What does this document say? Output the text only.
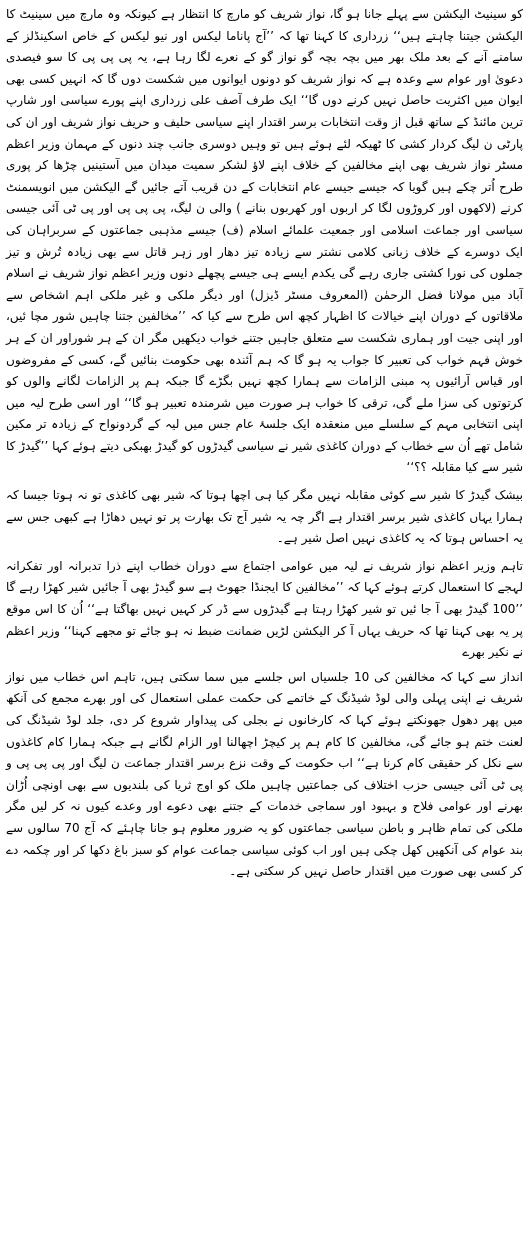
کو سینیٹ الیکشن سے پہلے جانا ہو گا، نواز شریف کو مارچ کا انتظار ہے کیونکہ وہ مارچ میں سینیٹ کا الیکشن جیتنا چاہتے ہیں‘‘ زرداری کا کہنا تھا کہ ’’آج پاناما لیکس اور نیو لیکس کے خاص اسکینڈلز کے سامنے آنے کے بعد ملک بھر میں بچہ بچہ گو نواز گو کے نعرے لگا رہا ہے، یہ پی پی پی کا سو فیصدی دعویٰ اور عوام سے وعدہ ہے کہ نواز شریف کو دونوں ایوانوں میں شکست دوں گا کہ انہیں کسی بھی ایوان میں اکثریت حاصل نہیں کرنے دوں گا‘‘ ایک طرف آصف علی زرداری اپنے پورے سیاسی اور شارپ ترین مائنڈ کے ساتھ قبل از وقت انتخابات برسر اقتدار اپنے سیاسی حلیف و حریف نواز شریف اور ان کی پارٹی ن لیگ کردار کشی کا ٹھیکہ لئے ہوئے ہیں تو وہیں دوسری جانب چند دنوں کے مہمان وزیر اعظم مسٹر نواز شریف بھی اپنے مخالفین کے خلاف اپنے لاؤ لشکر سمیت میدان میں آستینیں چڑھا کر پوری طرح اُتر چکے ہیں گویا کہ جیسے جیسے عام انتخابات کے دن قریب آتے جائیں گے الیکشن میں انویسمنٹ کرنے (لاکھوں اور کروڑوں لگا کر اربوں اور کھربوں بنانے ) والی ن لیگ، پی پی پی اور پی ٹی آئی جیسی سیاسی اور جماعت اسلامی اور جمعیت علمائے اسلام (ف) جیسے مذہبی جماعتوں کے سربراہان کی ایک دوسرے کے خلاف زبانی کلامی نشتر سے زیادہ تیز دھار اور زہر قاتل سے بھی زیادہ تُرش و تیز جملوں کی نورا کشتی جاری رہے گی یکدم ایسے ہی جیسے پچھلے دنوں وزیر اعظم نواز شریف نے اسلام آباد میں مولانا فضل الرحمٰن (المعروف مسٹر ڈیزل) اور دیگر ملکی و غیر ملکی اہم اشخاص سے ملاقاتوں کے دوران اپنے خیالات کا اظہار کچھ اس طرح سے کیا کہ ’’مخالفین جتنا چاہیں شور مچا ئیں، اور اپنی جیت اور ہماری شکست سے متعلق جاہیں جتنے خواب دیکھیں مگر ان کے ہر شوراور ان کے ہر خوش فہم خواب کی تعبیر کا جواب یہ ہو گا کہ ہم آئندہ بھی حکومت بنائیں گے، کسی کے مفروضوں اور قیاس آرائیوں پہ مبنی الزامات سے ہمارا کچھ نہیں بگڑے گا جبکہ ہم پر الزامات لگانے والوں کو کرتوتوں کی سزا ملے گی، ترقی کا خواب ہر صورت میں شرمندہ تعبیر ہو گا‘‘ اور اسی طرح لیہ میں اپنی انتخابی مہم کے سلسلے میں منعقدہ ایک جلسۂ عام جس میں لیہ کے گردونواح کے زیادہ تر مکین شامل تھے اُن سے خطاب کے دوران کاغذی شیر نے سیاسی گیدڑوں کو گیدڑ بھبکی دیتے ہوئے کہا ’’گیدڑ کا شیر سے کیا مقابلہ ؟؟‘‘

بیشک گیدڑ کا شیر سے کوئی مقابلہ نہیں مگر کیا ہی اچھا ہوتا کہ شیر بھی کاغذی تو نہ ہوتا جیسا کہ ہمارا یہاں کاغذی شیر برسر اقتدار ہے اگر چہ یہ شیر آج تک بھارت پر تو نہیں دھاڑا ہے کبھی جس سے یہ احساس ہوتا کہ یہ کاغذی نہیں اصل شیر ہے۔

تاہم وزیر اعظم نواز شریف نے لیہ میں عوامی اجتماع سے دوران خطاب اپنے ذرا تدبرانہ اور تفکرانہ لہجے کا استعمال کرتے ہوئے کہا کہ ’’مخالفین کا ایجنڈا جھوٹ ہے سو گیدڑ بھی آ جائیں شیر کھڑا رہے گا ’’100 گیدڑ بھی آ جا ئیں تو شیر کھڑا رہتا ہے گیدڑوں سے ڈر کر کہیں نہیں بھاگتا ہے‘‘ اُن کا اس موقع پر یہ بھی کہنا تھا کہ حریف یہاں آ کر الیکشن لڑیں ضمانت ضبط نہ ہو جائے تو مجھے کہنا‘‘ وزیر اعظم نے نکیر بھرے

انداز سے کہا کہ مخالفین کی 10 جلسیاں اس جلسے میں سما سکتی ہیں، تاہم اس خطاب میں نواز شریف نے اپنی پہلی والی لوڈ شیڈنگ کے خاتمے کی حکمت عملی استعمال کی اور بھرے مجمع کی آنکھ میں پھر دھول جھونکتے ہوئے کہا کہ کارخانوں نے بجلی کی پیداوار شروع کر دی، جلد لوڈ شیڈنگ کی لعنت ختم ہو جائے گی، مخالفین کا کام ہم پر کیچڑ اچھالنا اور الزام لگانے ہے جبکہ ہمارا کام کاغذوں سے نکل کر حقیقی کام کرنا ہے‘‘ اب حکومت کے وقت نزع برسر اقتدار جماعت ن لیگ اور پی پی پی و پی ٹی آئی جیسی حزب اختلاف کی جماعتیں چاہیں ملک کو اوج ثریا کی بلندیوں سے بھی اونچی اُڑان بھرنے اور عوامی فلاح و بہبود اور سماجی خدمات کے جتنے بھی دعوے اور وعدے کیوں نہ کر لیں مگر ملکی کی تمام ظاہر و باطن سیاسی جماعتوں کو یہ ضرور معلوم ہو جانا چاہئے کہ آج 70 سالوں سے بند عوام کی آنکھیں کھل چکی ہیں اور اب کوئی سیاسی جماعت عوام کو سبز باغ دکھا کر اور چکمہ دے کر کسی بھی صورت میں اقتدار حاصل نہیں کر سکتی ہے۔
